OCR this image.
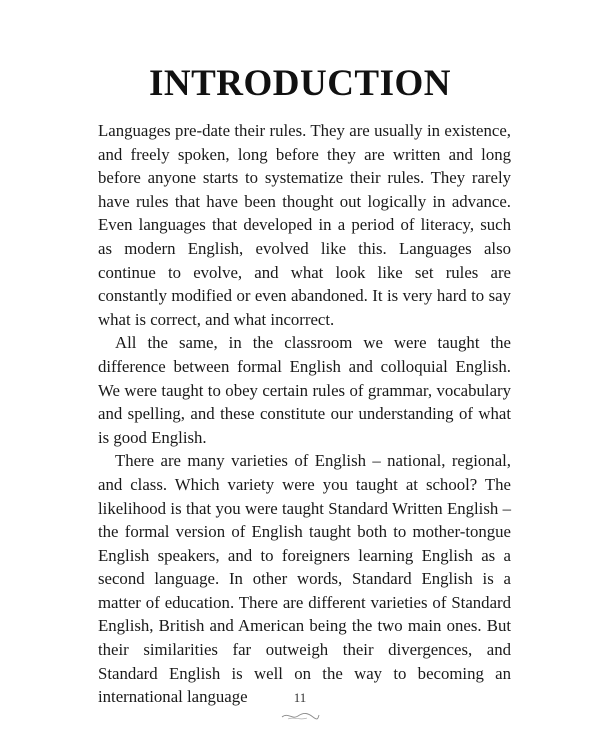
INTRODUCTION

Languages pre-date their rules. They are usually in existence, and freely spoken, long before they are written and long before anyone starts to systematize their rules. They rarely have rules that have been thought out logically in advance. Even languages that developed in a period of literacy, such as modern English, evolved like this. Languages also continue to evolve, and what look like set rules are constantly modified or even abandoned. It is very hard to say what is correct, and what incorrect.

All the same, in the classroom we were taught the difference between formal English and colloquial English. We were taught to obey certain rules of grammar, vocabulary and spelling, and these constitute our understanding of what is good English.

There are many varieties of English – national, regional, and class. Which variety were you taught at school? The likelihood is that you were taught Standard Written English – the formal version of English taught both to mother-tongue English speakers, and to foreigners learning English as a second language. In other words, Standard English is a matter of education. There are different varieties of Standard English, British and American being the two main ones. But their similarities far outweigh their divergences, and Standard English is well on the way to becoming an international language	11
